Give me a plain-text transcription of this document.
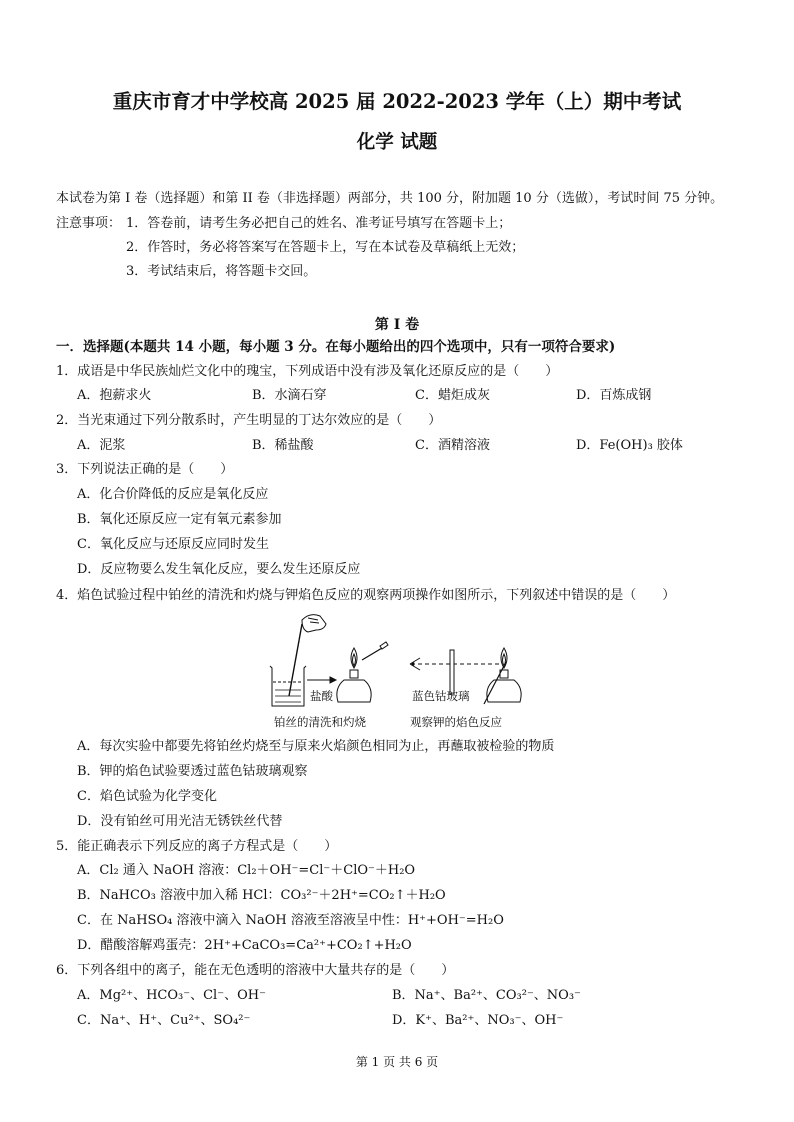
重庆市育才中学校高 2025 届 2022-2023 学年（上）期中考试
化学 试题
本试卷为第 I 卷（选择题）和第 II 卷（非选择题）两部分，共 100 分，附加题 10 分（选做），考试时间 75 分钟。
注意事项： 1．答卷前，请考生务必把自己的姓名、准考证号填写在答题卡上；
2．作答时，务必将答案写在答题卡上，写在本试卷及草稿纸上无效；
3．考试结束后，将答题卡交回。
第 I 卷
一．选择题(本题共 14 小题，每小题 3 分。在每小题给出的四个选项中，只有一项符合要求)
1．成语是中华民族灿烂文化中的瑰宝，下列成语中没有涉及氧化还原反应的是（　　）
A．抱薪求火	B．水滴石穿	C．蜡炬成灰	D．百炼成钢
2．当光束通过下列分散系时，产生明显的丁达尔效应的是（　　）
A．泥浆	B．稀盐酸	C．酒精溶液	D．Fe(OH)₃ 胶体
3．下列说法正确的是（　　）
A．化合价降低的反应是氧化反应
B．氧化还原反应一定有氧元素参加
C．氧化反应与还原反应同时发生
D．反应物要么发生氧化反应，要么发生还原反应
4．焰色试验过程中铂丝的清洗和灼烧与钾焰色反应的观察两项操作如图所示，下列叙述中错误的是（　　）
盐酸	蓝色钴玻璃
铂丝的清洗和灼烧	观察钾的焰色反应
A．每次实验中都要先将铂丝灼烧至与原来火焰颜色相同为止，再蘸取被检验的物质
B．钾的焰色试验要透过蓝色钴玻璃观察
C．焰色试验为化学变化
D．没有铂丝可用光洁无锈铁丝代替
5．能正确表示下列反应的离子方程式是（　　）
A．Cl₂ 通入 NaOH 溶液：Cl₂＋OH⁻=Cl⁻＋ClO⁻＋H₂O
B．NaHCO₃ 溶液中加入稀 HCl：CO₃²⁻＋2H⁺=CO₂↑＋H₂O
C．在 NaHSO₄ 溶液中滴入 NaOH 溶液至溶液呈中性：H⁺+OH⁻=H₂O
D．醋酸溶解鸡蛋壳：2H⁺+CaCO₃=Ca²⁺+CO₂↑+H₂O
6．下列各组中的离子，能在无色透明的溶液中大量共存的是（　　）
A．Mg²⁺、HCO₃⁻、Cl⁻、OH⁻	B．Na⁺、Ba²⁺、CO₃²⁻、NO₃⁻
C．Na⁺、H⁺、Cu²⁺、SO₄²⁻	D．K⁺、Ba²⁺、NO₃⁻、OH⁻
第 1 页 共 6 页
